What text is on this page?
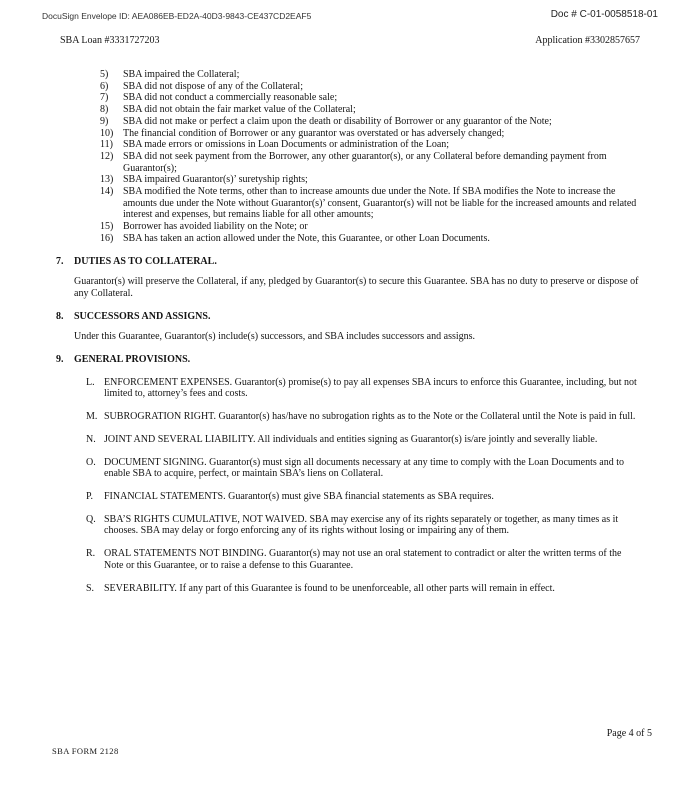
DocuSign Envelope ID: AEA086EB-ED2A-40D3-9843-CE437CD2EAF5	Doc # C-01-0058518-01
SBA Loan #3331727203	Application #3302857657
5)	SBA impaired the Collateral;
6)	SBA did not dispose of any of the Collateral;
7)	SBA did not conduct a commercially reasonable sale;
8)	SBA did not obtain the fair market value of the Collateral;
9)	SBA did not make or perfect a claim upon the death or disability of Borrower or any guarantor of the Note;
10) The financial condition of Borrower or any guarantor was overstated or has adversely changed;
11)	SBA made errors or omissions in Loan Documents or administration of the Loan;
12) SBA did not seek payment from the Borrower, any other guarantor(s), or any Collateral before demanding payment from Guarantor(s);
13) SBA impaired Guarantor(s)’ suretyship rights;
14) SBA modified the Note terms, other than to increase amounts due under the Note. If SBA modifies the Note to increase the amounts due under the Note without Guarantor(s)’ consent, Guarantor(s) will not be liable for the increased amounts and related interest and expenses, but remains liable for all other amounts;
15) Borrower has avoided liability on the Note; or
16) SBA has taken an action allowed under the Note, this Guarantee, or other Loan Documents.
7.	DUTIES AS TO COLLATERAL.
Guarantor(s) will preserve the Collateral, if any, pledged by Guarantor(s) to secure this Guarantee. SBA has no duty to preserve or dispose of any Collateral.
8.	SUCCESSORS AND ASSIGNS.
Under this Guarantee, Guarantor(s) include(s) successors, and SBA includes successors and assigns.
9.	GENERAL PROVISIONS.
L. ENFORCEMENT EXPENSES. Guarantor(s) promise(s) to pay all expenses SBA incurs to enforce this Guarantee, including, but not limited to, attorney’s fees and costs.
M. SUBROGRATION RIGHT. Guarantor(s) has/have no subrogation rights as to the Note or the Collateral until the Note is paid in full.
N. JOINT AND SEVERAL LIABILITY. All individuals and entities signing as Guarantor(s) is/are jointly and severally liable.
O. DOCUMENT SIGNING. Guarantor(s) must sign all documents necessary at any time to comply with the Loan Documents and to enable SBA to acquire, perfect, or maintain SBA’s liens on Collateral.
P.	FINANCIAL STATEMENTS. Guarantor(s) must give SBA financial statements as SBA requires.
Q. SBA’S RIGHTS CUMULATIVE, NOT WAIVED. SBA may exercise any of its rights separately or together, as many times as it chooses. SBA may delay or forgo enforcing any of its rights without losing or impairing any of them.
R. ORAL STATEMENTS NOT BINDING. Guarantor(s) may not use an oral statement to contradict or alter the written terms of the Note or this Guarantee, or to raise a defense to this Guarantee.
S. SEVERABILITY. If any part of this Guarantee is found to be unenforceable, all other parts will remain in effect.
Page 4 of 5
SBA FORM 2128
